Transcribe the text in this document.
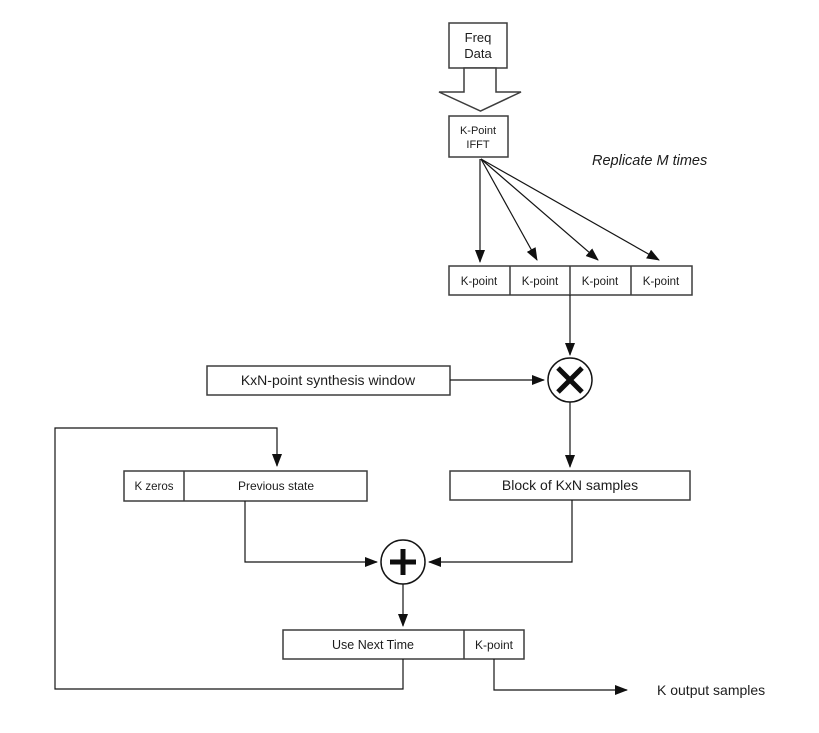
Freq
Data
K-Point
IFFT
Replicate M times
K-point K-point K-point K-point
KxN-point synthesis window
Block of KxN samples
K zeros	Previous state
Use Next Time	K-point
K output samples
